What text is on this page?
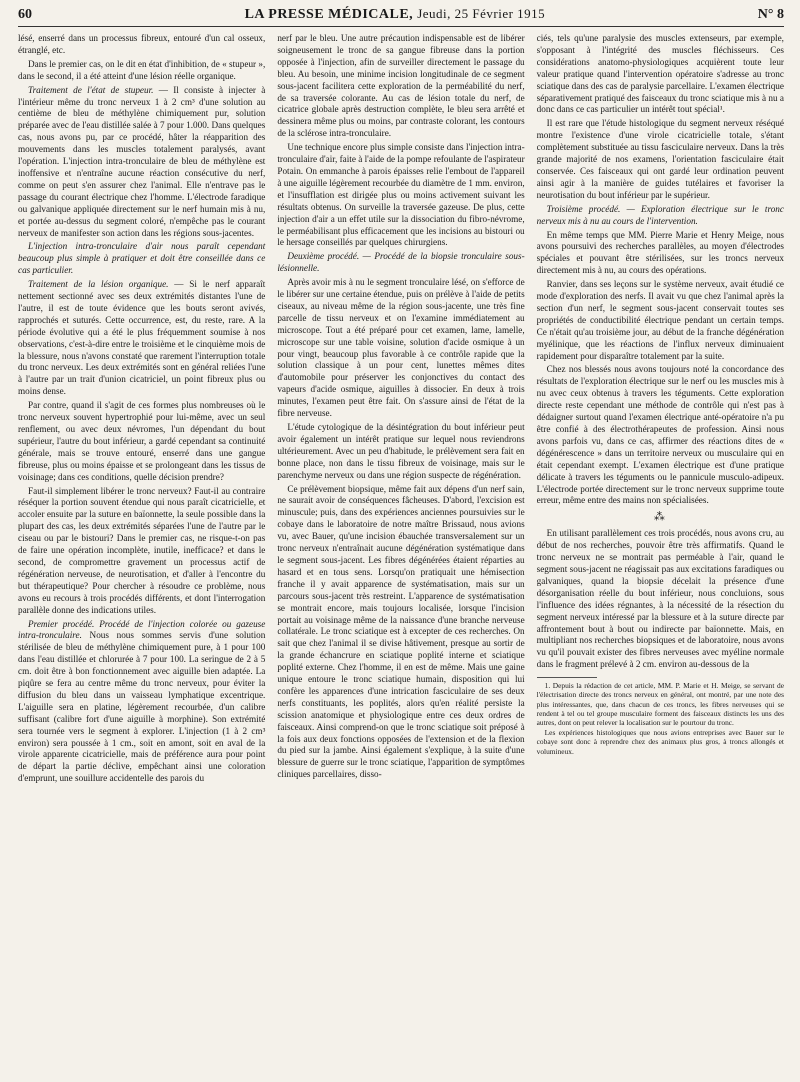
60	LA PRESSE MÉDICALE, Jeudi, 25 Février 1915	N° 8

lésé, enserré dans un processus fibreux, entouré d'un cal osseux, étranglé, etc.

Dans le premier cas, on le dit en état d'inhibition, de « stupeur », dans le second, il a été atteint d'une lésion réelle organique.

Traitement de l'état de stupeur. — Il consiste à injecter à l'intérieur même du tronc nerveux 1 à 2 cm³ d'une solution au centième de bleu de méthylène chimiquement pur, solution préparée avec de l'eau distillée salée à 7 pour 1.000. Dans quelques cas, nous avons pu, par ce procédé, hâter la réapparition des mouvements dans les muscles totalement paralysés, avant l'opération. L'injection intra-tronculaire de bleu de méthylène est inoffensive et n'entraîne aucune réaction consécutive du nerf, comme on peut s'en assurer chez l'animal. Elle n'entrave pas le passage du courant électrique chez l'homme. L'électrode faradique ou galvanique appliquée directement sur le nerf humain mis à nu, et portée au-dessus du segment coloré, n'empêche pas le courant nerveux de manifester son action dans les régions sous-jacentes.

L'injection intra-tronculaire d'air nous paraît cependant beaucoup plus simple à pratiquer et doit être conseillée dans ce cas particulier.

Traitement de la lésion organique. — Si le nerf apparaît nettement sectionné avec ses deux extrémités distantes l'une de l'autre, il est de toute évidence que les bouts seront avivés, rapprochés et suturés. Cette occurrence, est, du reste, rare. A la période évolutive qui a été le plus fréquemment soumise à nos observations, c'est-à-dire entre le troisième et le cinquième mois de la blessure, nous n'avons constaté que rarement l'interruption totale du tronc nerveux. Les deux extrémités sont en général reliées l'une à l'autre par un trait d'union cicatriciel, un point fibreux plus ou moins dense.

Par contre, quand il s'agit de ces formes plus nombreuses où le tronc nerveux souvent hypertrophié pour lui-même, avec un seul renflement, ou avec deux névromes, l'un dépendant du bout supérieur, l'autre du bout inférieur, a gardé cependant sa continuité générale, mais se trouve entouré, enserré dans une gangue fibreuse, plus ou moins épaisse et se prolongeant dans les tissus de voisinage; dans ces conditions, quelle décision prendre?

Faut-il simplement libérer le tronc nerveux? Faut-il au contraire réséquer la portion souvent étendue qui nous paraît cicatricielle, et accoler ensuite par la suture en baïonnette, la seule possible dans la plupart des cas, les deux extrémités séparées l'une de l'autre par le ciseau ou par le bistouri? Dans le premier cas, ne risque-t-on pas de faire une opération incomplète, inutile, inefficace? et dans le second, de compromettre gravement un processus actif de régénération nerveuse, de neurotisation, et d'aller à l'encontre du but thérapeutique? Pour chercher à résoudre ce problème, nous avons eu recours à trois procédés différents, et dont l'interrogation parallèle donne des indications utiles.

Premier procédé. Procédé de l'injection colorée ou gazeuse intra-tronculaire. Nous nous sommes servis d'une solution stérilisée de bleu de méthylène chimiquement pure, à 1 pour 100 dans l'eau distillée et chlorurée à 7 pour 100. La seringue de 2 à 5 cm. doit être à bon fonctionnement avec aiguille bien adaptée. La piqûre se fera au centre même du tronc nerveux, pour éviter la diffusion du bleu dans un vaisseau lymphatique excentrique. L'aiguille sera en platine, légèrement recourbée, d'un calibre suffisant (calibre fort d'une aiguille à morphine). Son extrémité sera tournée vers le segment à explorer. L'injection (1 à 2 cm³ environ) sera poussée à 1 cm., soit en amont, soit en aval de la virole apparente cicatricielle, mais de préférence aura pour point de départ la partie déclive, empêchant ainsi une coloration d'emprunt, une souillure accidentelle des parois du

nerf par le bleu. Une autre précaution indispensable est de libérer soigneusement le tronc de sa gangue fibreuse dans la portion opposée à l'injection, afin de surveiller directement le passage du bleu. Au besoin, une minime incision longitudinale de ce segment sous-jacent facilitera cette exploration de la perméabilité du nerf, de sa traversée colorante. Au cas de lésion totale du nerf, de cicatrice globale après destruction complète, le bleu sera arrêté et dessinera même plus ou moins, par contraste colorant, les contours de la sclérose intra-tronculaire.

Une technique encore plus simple consiste dans l'injection intra-tronculaire d'air, faite à l'aide de la pompe refoulante de l'aspirateur Potain. On emmanche à parois épaisses relie l'embout de l'appareil à une aiguille légèrement recourbée du diamètre de 1 mm. environ, et l'insufflation est dirigée plus ou moins activement suivant les résultats obtenus. On surveille la traversée gazeuse. De plus, cette injection d'air a un effet utile sur la dissociation du fibro-névrome, le perméabilisant plus efficacement que les incisions au bistouri ou le hersage conseillés par quelques chirurgiens.

Deuxième procédé. — Procédé de la biopsie tronculaire sous-lésionnelle.

Après avoir mis à nu le segment tronculaire lésé, on s'efforce de le libérer sur une certaine étendue, puis on prélève à l'aide de petits ciseaux, au niveau même de la région sous-jacente, une très fine parcelle de tissu nerveux et on l'examine immédiatement au microscope. Tout a été préparé pour cet examen, lame, lamelle, microscope sur une table voisine, solution d'acide osmique à un pour vingt, beaucoup plus favorable à ce contrôle rapide que la solution classique à un pour cent, lunettes mêmes dites d'automobile pour préserver les conjonctives du contact des vapeurs d'acide osmique, aiguilles à dissocier. En deux à trois minutes, l'examen peut être fait. On s'assure ainsi de l'état de la fibre nerveuse.

L'étude cytologique de la désintégration du bout inférieur peut avoir également un intérêt pratique sur lequel nous reviendrons ultérieurement. Avec un peu d'habitude, le prélèvement sera fait en bonne place, non dans le tissu fibreux de voisinage, mais sur le parenchyme nerveux ou dans une région suspecte de régénération.

Ce prélèvement biopsique, même fait aux dépens d'un nerf sain, ne saurait avoir de conséquences fâcheuses. D'abord, l'excision est minuscule; puis, dans des expériences anciennes poursuivies sur le cobaye dans le laboratoire de notre maître Brissaud, nous avions vu, avec Bauer, qu'une incision ébauchée transversalement sur un tronc nerveux n'entraînait aucune dégénération systématique dans le segment sous-jacent. Les fibres dégénérées étaient réparties au hasard et en tous sens. Lorsqu'on pratiquait une hémisection franche il y avait apparence de systématisation, mais sur un parcours sous-jacent très restreint. L'apparence de systématisation se montrait encore, mais toujours localisée, lorsque l'incision portait au voisinage même de la naissance d'une branche nerveuse collatérale. Le tronc sciatique est à excepter de ces recherches. On sait que chez l'animal il se divise hâtivement, presque au sortir de la grande échancrure en sciatique poplité interne et sciatique poplité externe. Chez l'homme, il en est de même. Mais une gaine unique entoure le tronc sciatique humain, disposition qui lui confère les apparences d'une intrication fasciculaire de ses deux nerfs constituants, les poplités, alors qu'en réalité persiste la scission anatomique et physiologique entre ces deux ordres de faisceaux. Ainsi comprend-on que le tronc sciatique soit préposé à la fois aux deux fonctions opposées de l'extension et de la flexion du pied sur la jambe. Ainsi également s'explique, à la suite d'une blessure de guerre sur le tronc sciatique, l'apparition de symptômes cliniques parcellaires, disso-

ciés, tels qu'une paralysie des muscles extenseurs, par exemple, s'opposant à l'intégrité des muscles fléchisseurs. Ces considérations anatomo-physiologiques acquièrent toute leur valeur pratique quand l'intervention opératoire s'adresse au tronc sciatique dans des cas de paralysie parcellaire. L'examen électrique séparativement pratiqué des faisceaux du tronc sciatique mis à nu a donc dans ce cas particulier un intérêt tout spécial¹.

Il est rare que l'étude histologique du segment nerveux réséqué montre l'existence d'une virole cicatricielle totale, s'étant complètement substituée au tissu fasciculaire nerveux. Dans la très grande majorité de nos examens, l'orientation fasciculaire était conservée. Ces faisceaux qui ont gardé leur ordination peuvent ainsi agir à la manière de guides tutélaires et favoriser la neurotisation du bout inférieur par le supérieur.

Troisième procédé. — Exploration électrique sur le tronc nerveux mis à nu au cours de l'intervention.

En même temps que MM. Pierre Marie et Henry Meige, nous avons poursuivi des recherches parallèles, au moyen d'électrodes spéciales et pouvant être stérilisées, sur les troncs nerveux directement mis à nu, au cours des opérations.

Ranvier, dans ses leçons sur le système nerveux, avait étudié ce mode d'exploration des nerfs. Il avait vu que chez l'animal après la section d'un nerf, le segment sous-jacent conservait toutes ses propriétés de conductibilité électrique pendant un certain temps. Ce n'était qu'au troisième jour, au début de la franche dégénération myélinique, que les réactions de l'influx nerveux diminuaient rapidement pour disparaître totalement par la suite.

Chez nos blessés nous avons toujours noté la concordance des résultats de l'exploration électrique sur le nerf ou les muscles mis à nu avec ceux obtenus à travers les téguments. Cette exploration directe reste cependant une méthode de contrôle qui n'est pas à dédaigner surtout quand l'examen électrique anté-opératoire n'a pu être confié à des électrothérapeutes de profession. Ainsi nous avons parfois vu, dans ce cas, affirmer des réactions dites de « dégénérescence » dans un territoire nerveux ou musculaire qui en était cependant exempt. L'examen électrique est d'une pratique délicate à travers les téguments ou le pannicule musculo-adipeux. L'électrode portée directement sur le tronc nerveux supprime toute erreur, même entre des mains non spécialisées.

⁂

En utilisant parallèlement ces trois procédés, nous avons cru, au début de nos recherches, pouvoir être très affirmatifs. Quand le tronc nerveux ne se montrait pas perméable à l'air, quand le segment sous-jacent ne réagissait pas aux excitations faradiques ou galvaniques, quand la biopsie décelait la présence d'une désorganisation réelle du bout inférieur, nous concluions, sous l'influence des idées régnantes, à la nécessité de la résection du segment nerveux intéressé par la blessure et à la suture directe par affrontement bout à bout ou indirecte par baïonnette. Mais, en multipliant nos recherches biopsiques et de laboratoire, nous avons vu qu'il pouvait exister des fibres nerveuses avec myéline normale dans le fragment prélevé à 2 cm. environ au-dessous de la

1. Depuis la rédaction de cet article, MM. P. Marie et H. Meige, se servant de l'électrisation directe des troncs nerveux en général, ont montré, par une note des plus intéressantes, que, dans chacun de ces troncs, les fibres nerveuses qui se rendent à tel ou tel groupe musculaire forment des faisceaux distincts les uns des autres, dont on peut relever la localisation sur le pourtour du tronc.

Les expériences histologiques que nous avions entreprises avec Bauer sur le cobaye sont donc à reprendre chez des animaux plus gros, à troncs allongés et volumineux.
